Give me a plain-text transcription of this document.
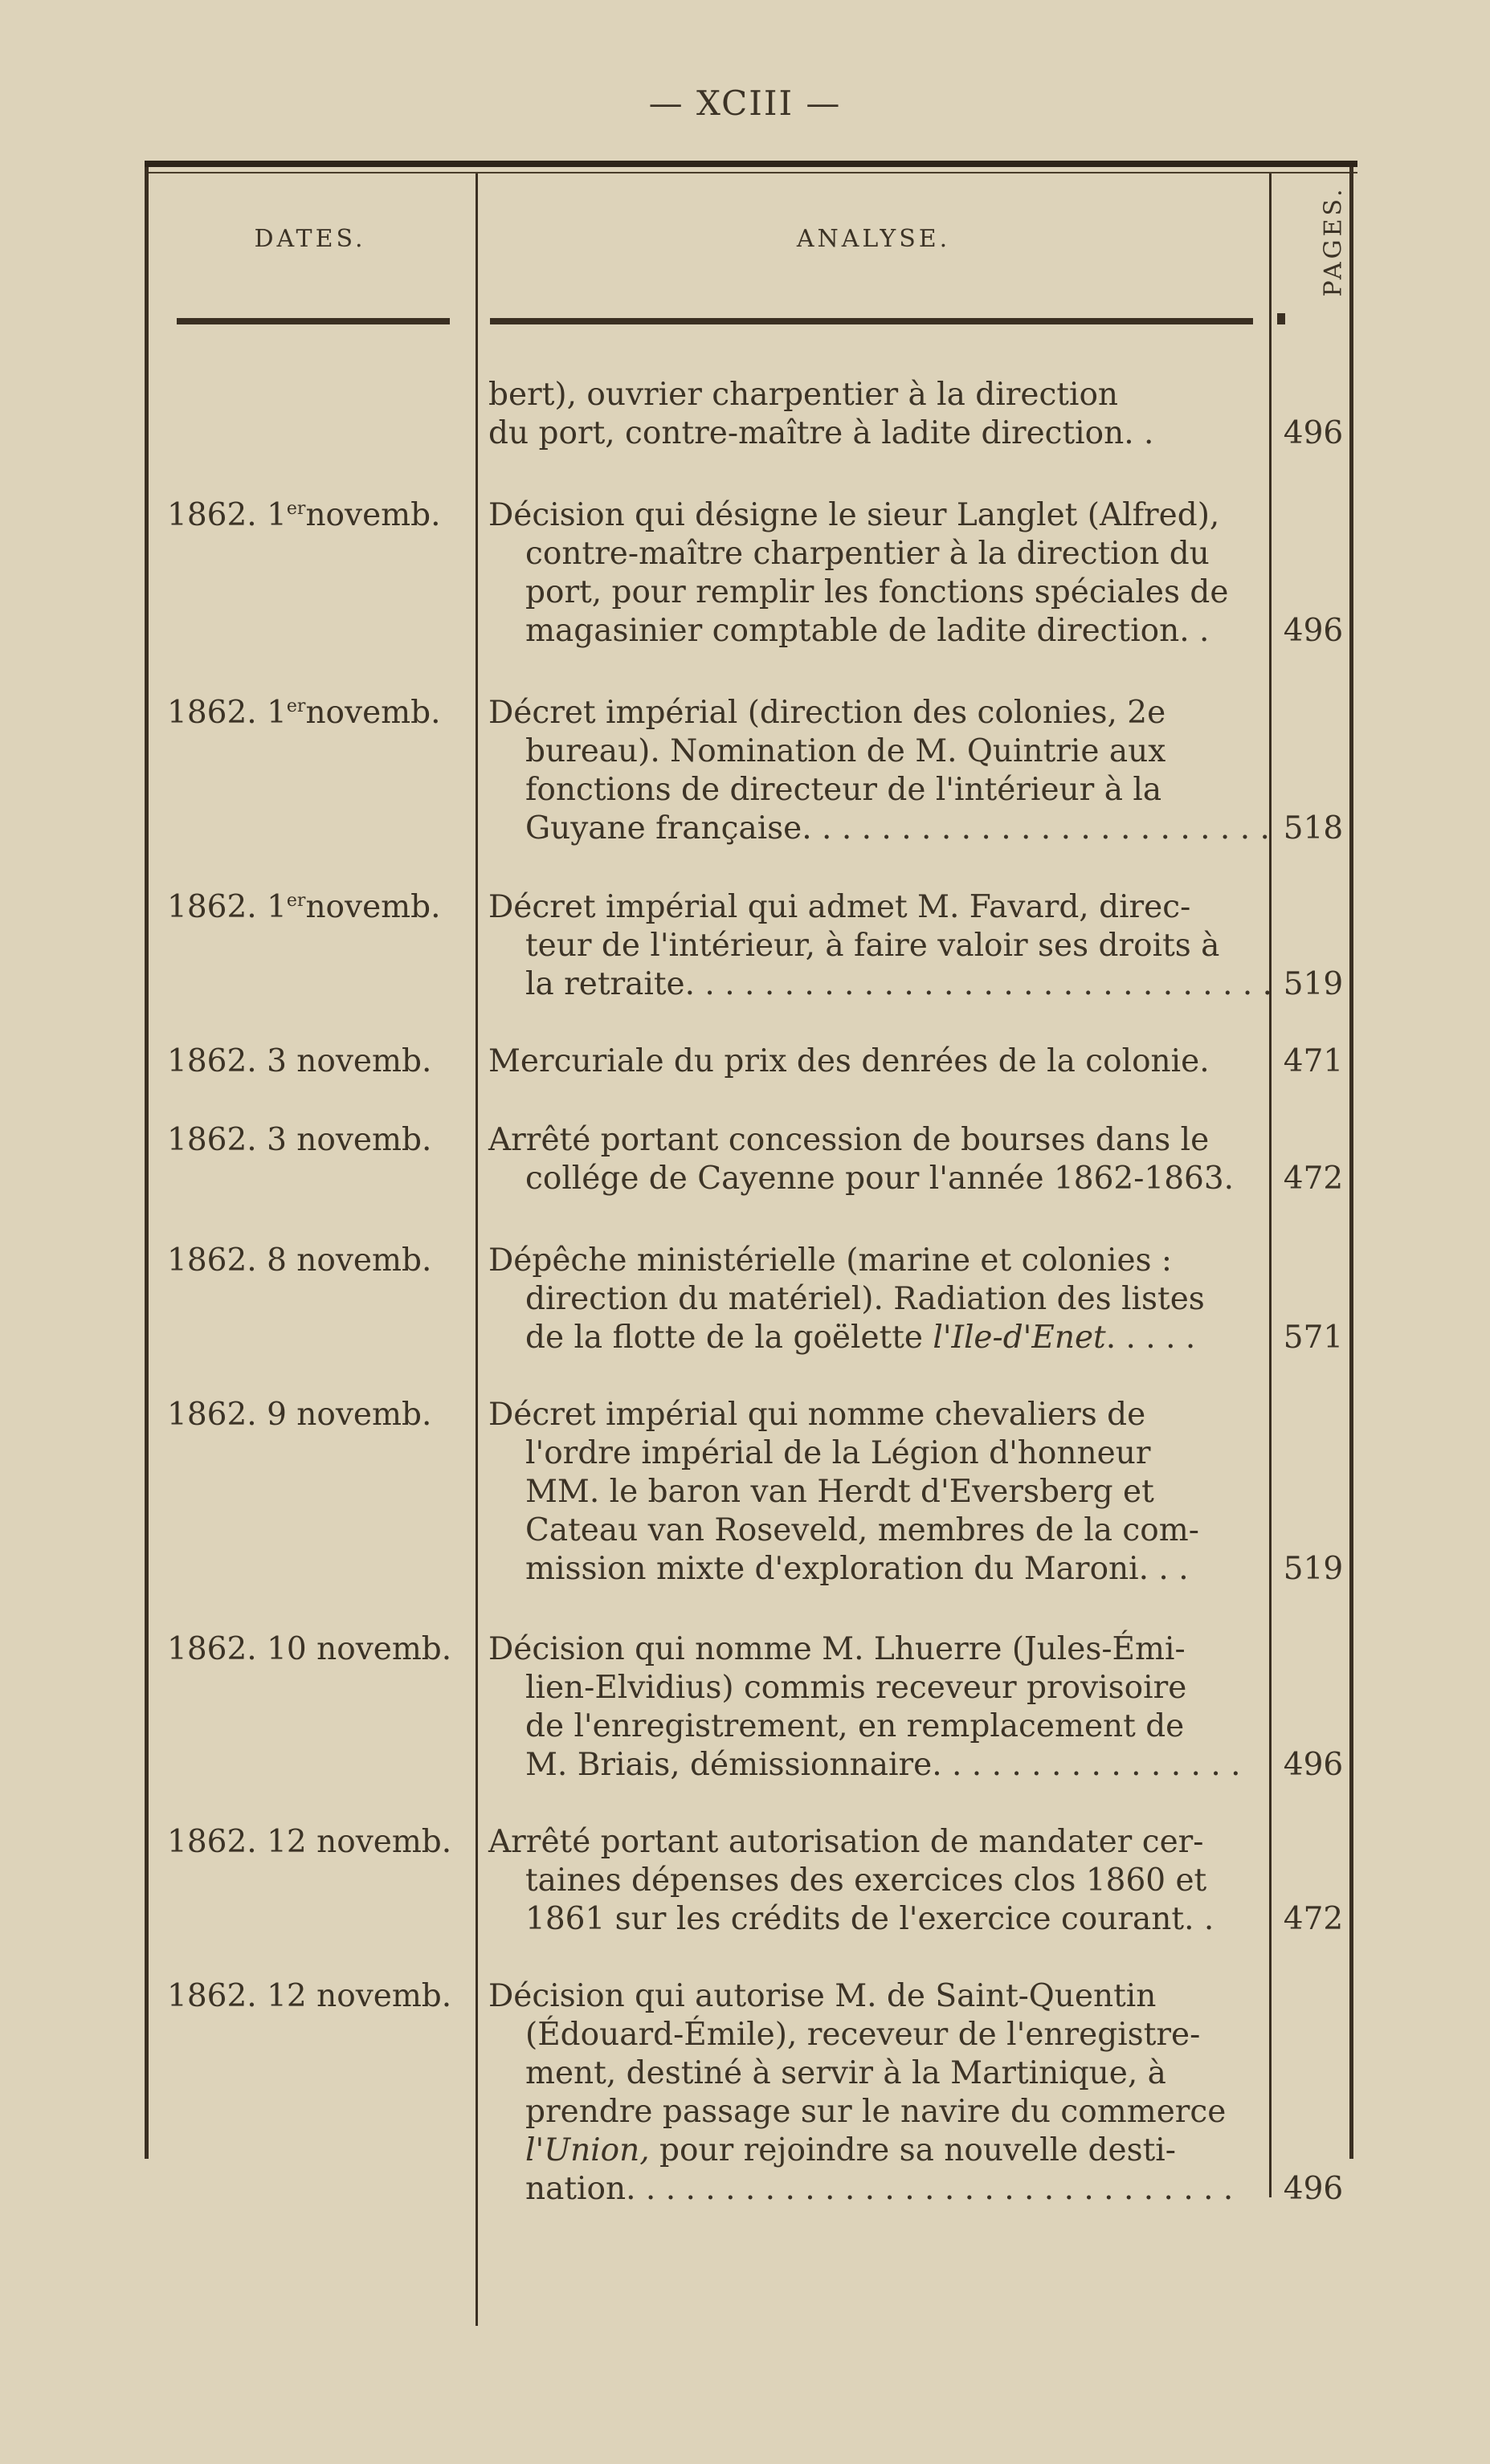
— XCIII —
DATES.	ANALYSE.	PAGES.
bert), ouvrier charpentier à la direction
du port, contre-maître à ladite direction. .	496
1862. 1ernovemb.	Décision qui désigne le sieur Langlet (Alfred),
contre-maître charpentier à la direction du
port, pour remplir les fonctions spéciales de
magasinier comptable de ladite direction. .	496
1862. 1ernovemb.	Décret impérial (direction des colonies, 2e
bureau). Nomination de M. Quintrie aux
fonctions de directeur de l'intérieur à la
Guyane française. . . . . . . . . . . . . . . . . . . . . . . . 518
1862. 1ernovemb.	Décret impérial qui admet M. Favard, direc-
teur de l'intérieur, à faire valoir ses droits à
la retraite. . . . . . . . . . . . . . . . . . . . . . . . . . . . . . 519
1862. 3 novemb.	Mercuriale du prix des denrées de la colonie.	471
1862. 3 novemb.	Arrêté portant concession de bourses dans le
collége de Cayenne pour l'année 1862-1863.	472
1862. 8 novemb.	Dépêche ministérielle (marine et colonies :
direction du matériel). Radiation des listes
de la flotte de la goëlette l'Ile-d'Enet. . . . .	571
1862. 9 novemb.	Décret impérial qui nomme chevaliers de
l'ordre impérial de la Légion d'honneur
MM. le baron van Herdt d'Eversberg et
Cateau van Roseveld, membres de la com-
mission mixte d'exploration du Maroni. . .	519
1862. 10 novemb.	Décision qui nomme M. Lhuerre (Jules-Émi-
lien-Elvidius) commis receveur provisoire
de l'enregistrement, en remplacement de
M. Briais, démissionnaire. . . . . . . . . . . . . . . .	496
1862. 12 novemb.	Arrêté portant autorisation de mandater cer-
taines dépenses des exercices clos 1860 et
1861 sur les crédits de l'exercice courant. .	472
1862. 12 novemb.	Décision qui autorise M. de Saint-Quentin
(Édouard-Émile), receveur de l'enregistre-
ment, destiné à servir à la Martinique, à
prendre passage sur le navire du commerce
l'Union, pour rejoindre sa nouvelle desti-
nation. . . . . . . . . . . . . . . . . . . . . . . . . . . . . . .	496
